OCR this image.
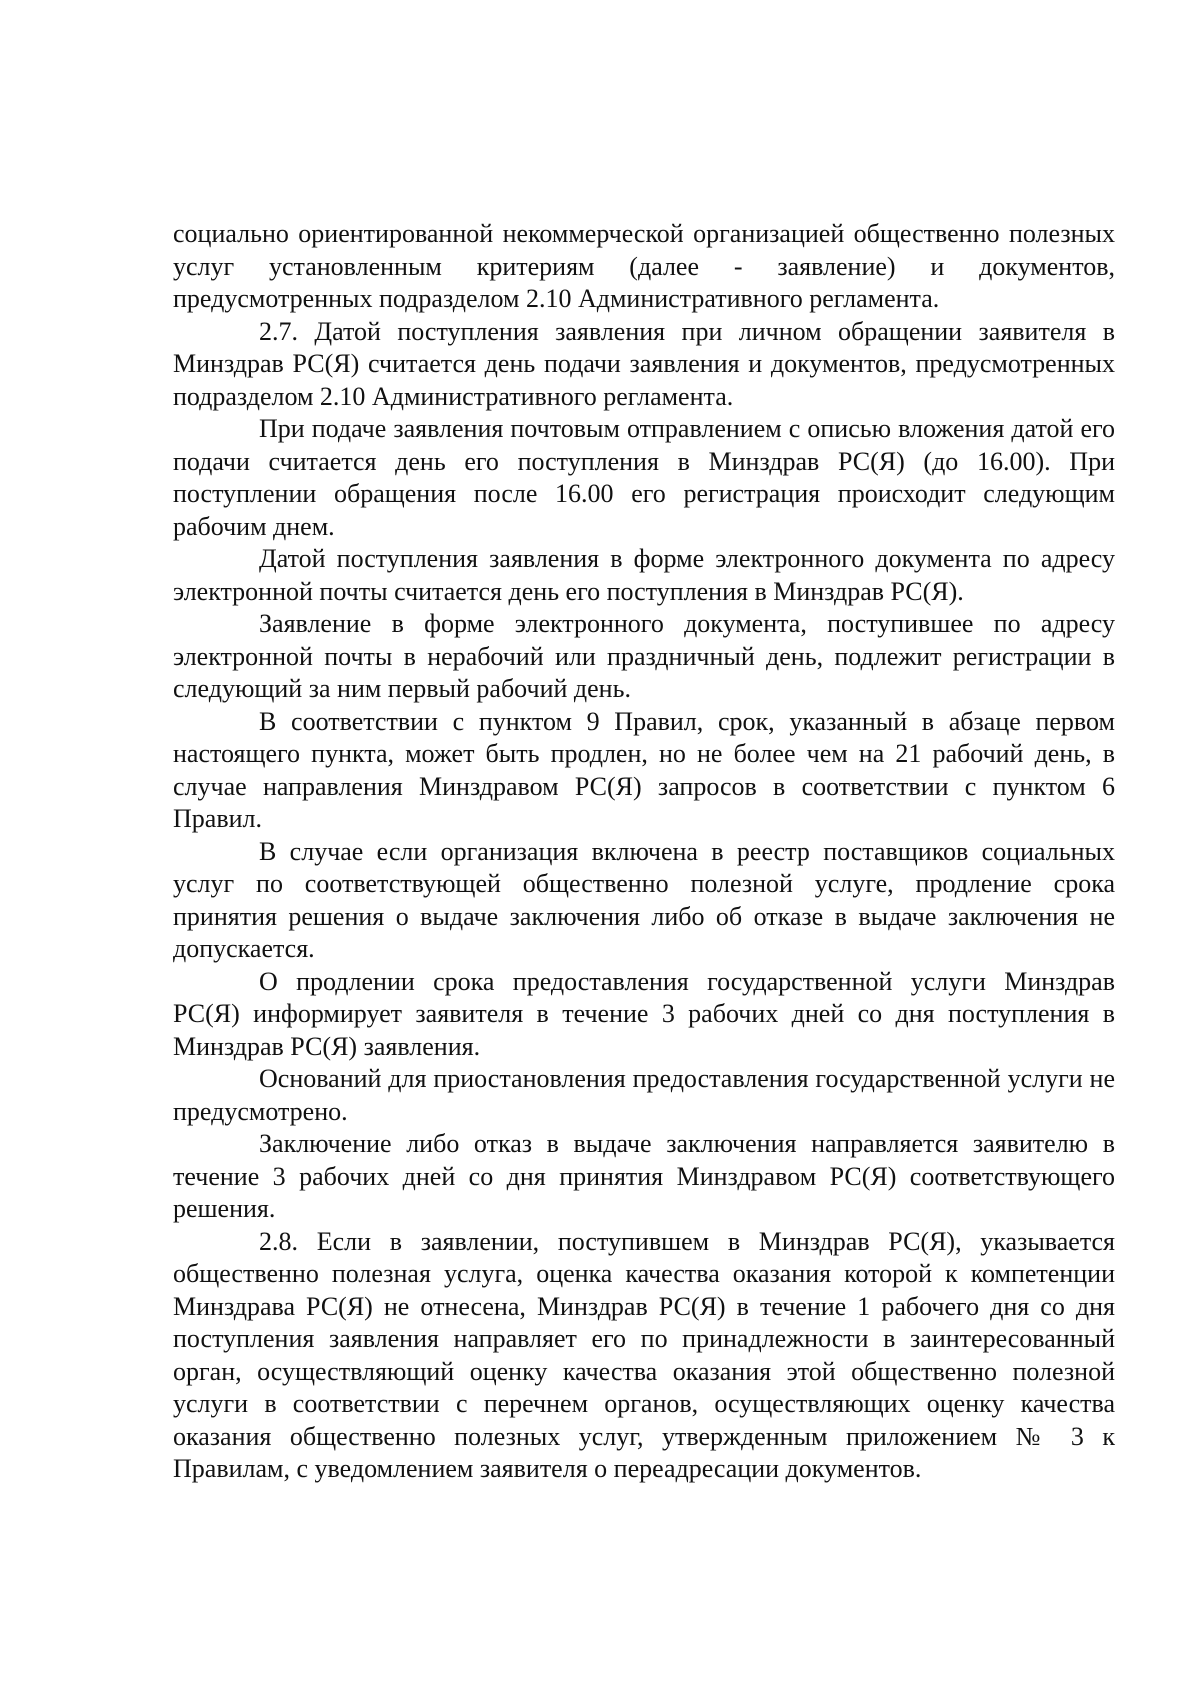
социально ориентированной некоммерческой организацией общественно полезных услуг установленным критериям (далее - заявление) и документов, предусмотренных подразделом 2.10 Административного регламента.

2.7. Датой поступления заявления при личном обращении заявителя в Минздрав РС(Я) считается день подачи заявления и документов, предусмотренных подразделом 2.10 Административного регламента.

При подаче заявления почтовым отправлением с описью вложения датой его подачи считается день его поступления в Минздрав РС(Я) (до 16.00). При поступлении обращения после 16.00 его регистрация происходит следующим рабочим днем.

Датой поступления заявления в форме электронного документа по адресу электронной почты считается день его поступления в Минздрав РС(Я).

Заявление в форме электронного документа, поступившее по адресу электронной почты в нерабочий или праздничный день, подлежит регистрации в следующий за ним первый рабочий день.

В соответствии с пунктом 9 Правил, срок, указанный в абзаце первом настоящего пункта, может быть продлен, но не более чем на 21 рабочий день, в случае направления Минздравом РС(Я) запросов в соответствии с пунктом 6 Правил.

В случае если организация включена в реестр поставщиков социальных услуг по соответствующей общественно полезной услуге, продление срока принятия решения о выдаче заключения либо об отказе в выдаче заключения не допускается.

О продлении срока предоставления государственной услуги Минздрав РС(Я) информирует заявителя в течение 3 рабочих дней со дня поступления в Минздрав РС(Я) заявления.

Оснований для приостановления предоставления государственной услуги не предусмотрено.

Заключение либо отказ в выдаче заключения направляется заявителю в течение 3 рабочих дней со дня принятия Минздравом РС(Я) соответствующего решения.

2.8. Если в заявлении, поступившем в Минздрав РС(Я), указывается общественно полезная услуга, оценка качества оказания которой к компетенции Минздрава РС(Я) не отнесена, Минздрав РС(Я) в течение 1 рабочего дня со дня поступления заявления направляет его по принадлежности в заинтересованный орган, осуществляющий оценку качества оказания этой общественно полезной услуги в соответствии с перечнем органов, осуществляющих оценку качества оказания общественно полезных услуг, утвержденным приложением № 3 к Правилам, с уведомлением заявителя о переадресации документов.
